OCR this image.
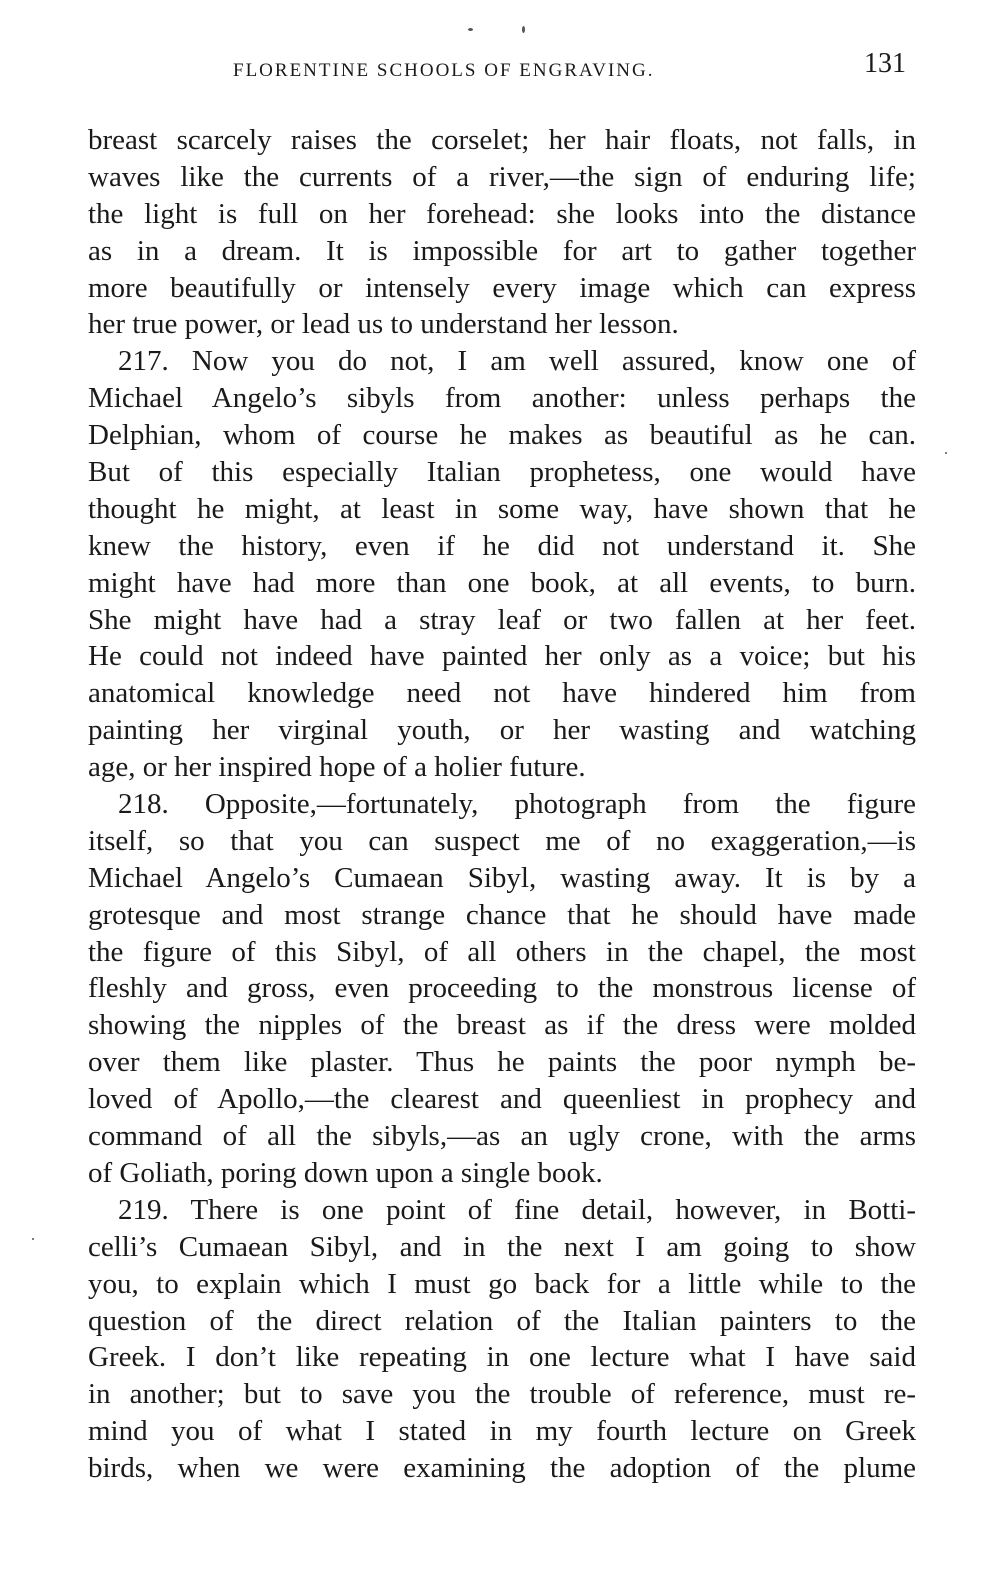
FLORENTINE SCHOOLS OF ENGRAVING.	131
breast scarcely raises the corselet; her hair floats, not falls, in
waves like the currents of a river,—the sign of enduring life;
the light is full on her forehead: she looks into the distance
as in a dream. It is impossible for art to gather together
more beautifully or intensely every image which can express
her true power, or lead us to understand her lesson.
217. Now you do not, I am well assured, know one of
Michael Angelo’s sibyls from another: unless perhaps the
Delphian, whom of course he makes as beautiful as he can.
But of this especially Italian prophetess, one would have
thought he might, at least in some way, have shown that he
knew the history, even if he did not understand it. She
might have had more than one book, at all events, to burn.
She might have had a stray leaf or two fallen at her feet.
He could not indeed have painted her only as a voice; but his
anatomical knowledge need not have hindered him from
painting her virginal youth, or her wasting and watching
age, or her inspired hope of a holier future.
218. Opposite,—fortunately, photograph from the figure
itself, so that you can suspect me of no exaggeration,—is
Michael Angelo’s Cumaean Sibyl, wasting away. It is by a
grotesque and most strange chance that he should have made
the figure of this Sibyl, of all others in the chapel, the most
fleshly and gross, even proceeding to the monstrous license of
showing the nipples of the breast as if the dress were molded
over them like plaster. Thus he paints the poor nymph be-
loved of Apollo,—the clearest and queenliest in prophecy and
command of all the sibyls,—as an ugly crone, with the arms
of Goliath, poring down upon a single book.
219. There is one point of fine detail, however, in Botti-
celli’s Cumaean Sibyl, and in the next I am going to show
you, to explain which I must go back for a little while to the
question of the direct relation of the Italian painters to the
Greek. I don’t like repeating in one lecture what I have said
in another; but to save you the trouble of reference, must re-
mind you of what I stated in my fourth lecture on Greek
birds, when we were examining the adoption of the plume
